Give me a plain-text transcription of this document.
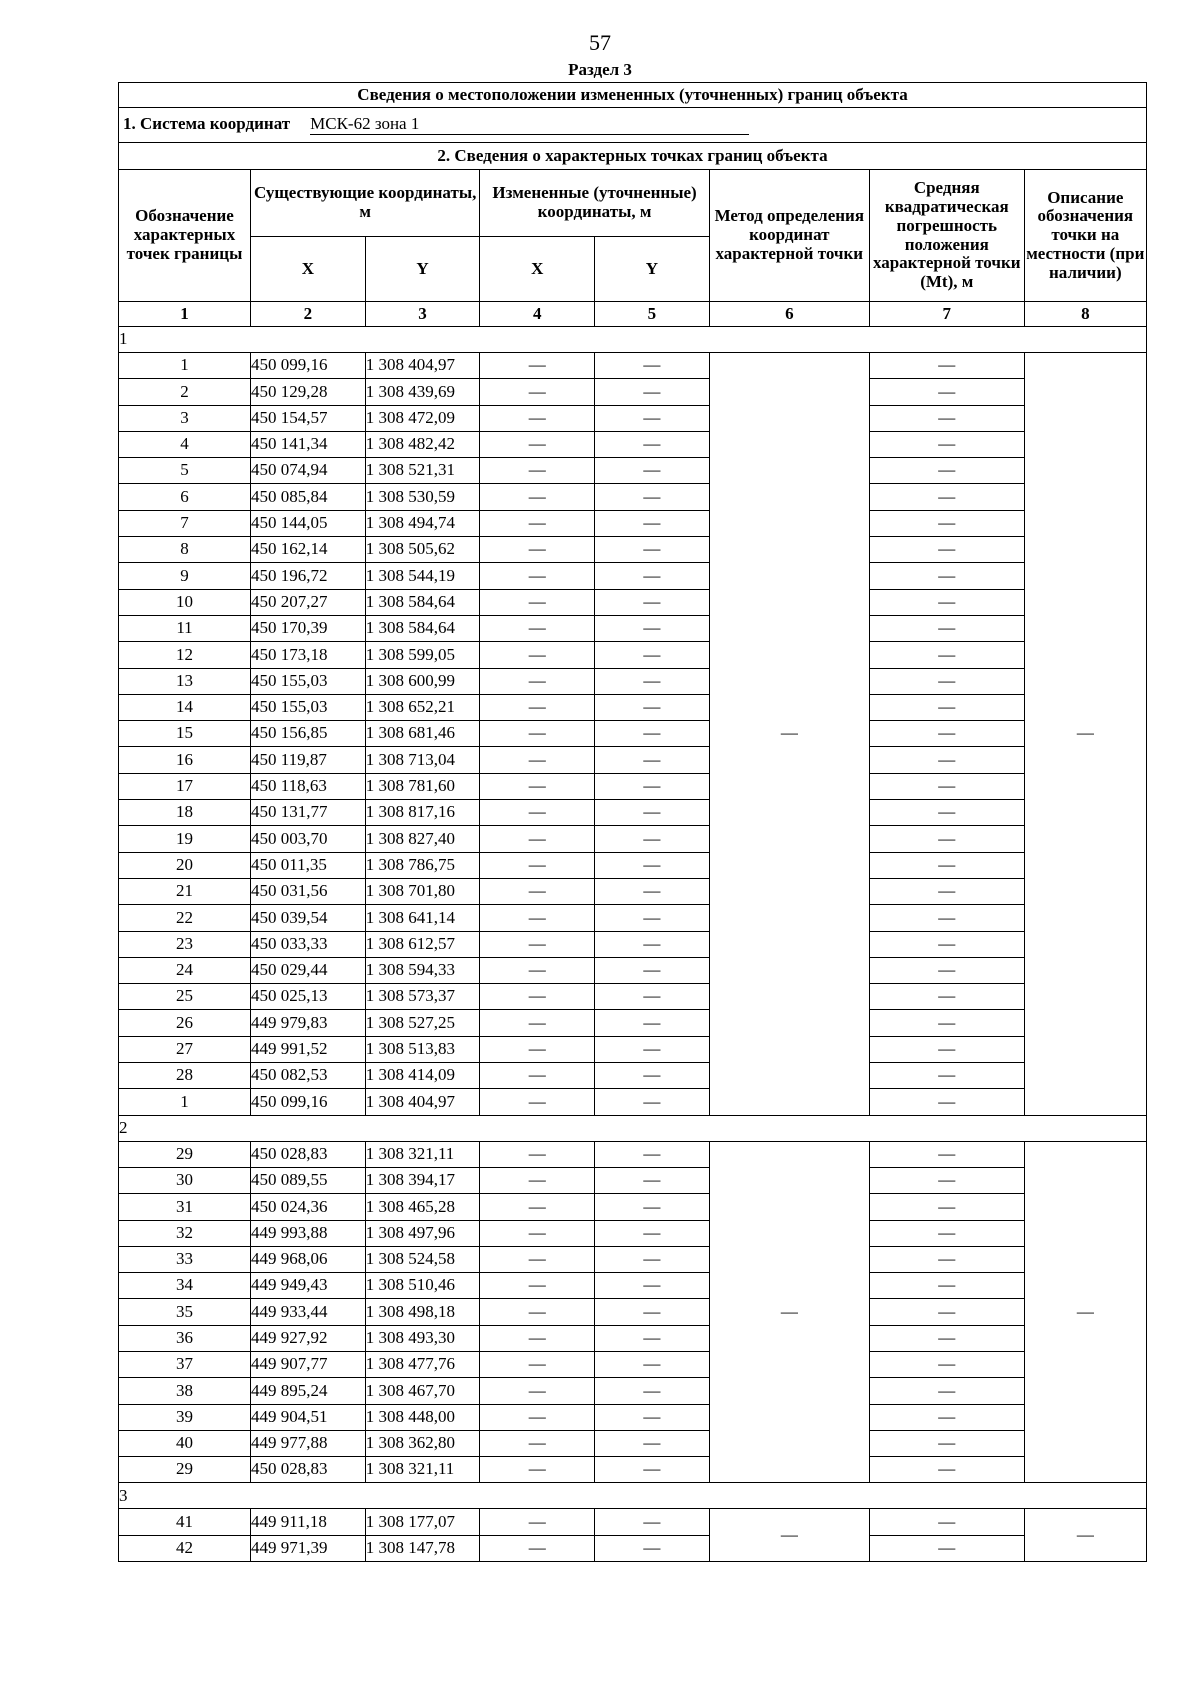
57
Раздел 3
Сведения о местоположении измененных (уточненных) границ объекта							
1. Система координат МСК-62 зона 1							
2. Сведения о характерных точках границ объекта							
Обозначение характерных точек границы	Существующие координаты, м		Измененные (уточненные) координаты, м		Метод определения координат характерной точки	Средняя квадратическая погрешность положения характерной точки (Mt), м	Описание обозначения точки на местности (при наличии)
	X	Y	X	Y			
1	2	3	4	5	6	7	8
1							
1	450 099,16	1 308 404,97	—	—	—	—	—
2	450 129,28	1 308 439,69	—	—		—	
3	450 154,57	1 308 472,09	—	—		—	
4	450 141,34	1 308 482,42	—	—		—	
5	450 074,94	1 308 521,31	—	—		—	
6	450 085,84	1 308 530,59	—	—		—	
7	450 144,05	1 308 494,74	—	—		—	
8	450 162,14	1 308 505,62	—	—		—	
9	450 196,72	1 308 544,19	—	—		—	
10	450 207,27	1 308 584,64	—	—		—	
11	450 170,39	1 308 584,64	—	—		—	
12	450 173,18	1 308 599,05	—	—		—	
13	450 155,03	1 308 600,99	—	—		—	
14	450 155,03	1 308 652,21	—	—		—	
15	450 156,85	1 308 681,46	—	—		—	
16	450 119,87	1 308 713,04	—	—		—	
17	450 118,63	1 308 781,60	—	—		—	
18	450 131,77	1 308 817,16	—	—		—	
19	450 003,70	1 308 827,40	—	—		—	
20	450 011,35	1 308 786,75	—	—		—	
21	450 031,56	1 308 701,80	—	—		—	
22	450 039,54	1 308 641,14	—	—		—	
23	450 033,33	1 308 612,57	—	—		—	
24	450 029,44	1 308 594,33	—	—		—	
25	450 025,13	1 308 573,37	—	—		—	
26	449 979,83	1 308 527,25	—	—		—	
27	449 991,52	1 308 513,83	—	—		—	
28	450 082,53	1 308 414,09	—	—		—	
1	450 099,16	1 308 404,97	—	—		—	
2							
29	450 028,83	1 308 321,11	—	—	—	—	—
30	450 089,55	1 308 394,17	—	—		—	
31	450 024,36	1 308 465,28	—	—		—	
32	449 993,88	1 308 497,96	—	—		—	
33	449 968,06	1 308 524,58	—	—		—	
34	449 949,43	1 308 510,46	—	—		—	
35	449 933,44	1 308 498,18	—	—		—	
36	449 927,92	1 308 493,30	—	—		—	
37	449 907,77	1 308 477,76	—	—		—	
38	449 895,24	1 308 467,70	—	—		—	
39	449 904,51	1 308 448,00	—	—		—	
40	449 977,88	1 308 362,80	—	—		—	
29	450 028,83	1 308 321,11	—	—		—	
3							
41	449 911,18	1 308 177,07	—	—	—	—	—
42	449 971,39	1 308 147,78	—	—		—	
